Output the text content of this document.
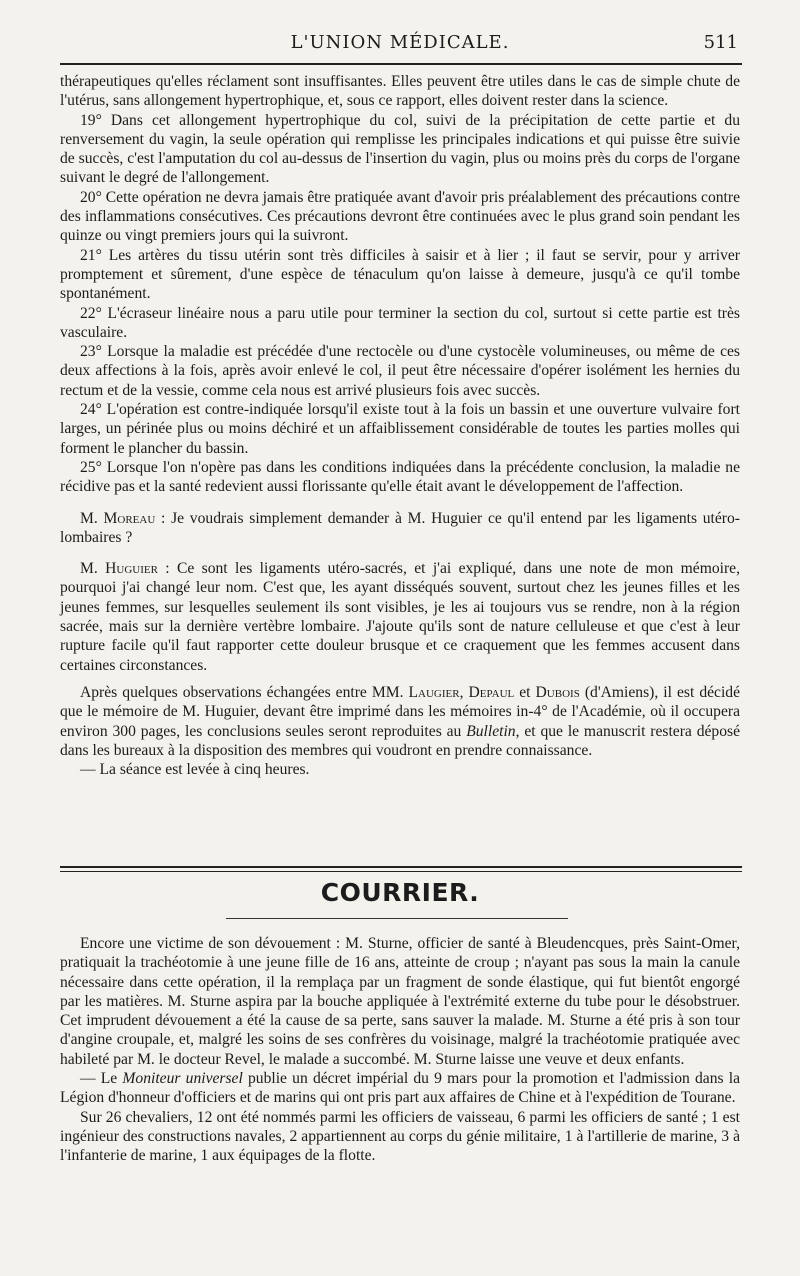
L'UNION MÉDICALE.	511

thérapeutiques qu'elles réclament sont insuffisantes. Elles peuvent être utiles dans le cas de simple chute de l'utérus, sans allongement hypertrophique, et, sous ce rapport, elles doivent rester dans la science.

19° Dans cet allongement hypertrophique du col, suivi de la précipitation de cette partie et du renversement du vagin, la seule opération qui remplisse les principales indications et qui puisse être suivie de succès, c'est l'amputation du col au-dessus de l'insertion du vagin, plus ou moins près du corps de l'organe suivant le degré de l'allongement.

20° Cette opération ne devra jamais être pratiquée avant d'avoir pris préalablement des précautions contre des inflammations consécutives. Ces précautions devront être continuées avec le plus grand soin pendant les quinze ou vingt premiers jours qui la suivront.

21° Les artères du tissu utérin sont très difficiles à saisir et à lier ; il faut se servir, pour y arriver promptement et sûrement, d'une espèce de ténaculum qu'on laisse à demeure, jusqu'à ce qu'il tombe spontanément.

22° L'écraseur linéaire nous a paru utile pour terminer la section du col, surtout si cette partie est très vasculaire.

23° Lorsque la maladie est précédée d'une rectocèle ou d'une cystocèle volumineuses, ou même de ces deux affections à la fois, après avoir enlevé le col, il peut être nécessaire d'opérer isolément les hernies du rectum et de la vessie, comme cela nous est arrivé plusieurs fois avec succès.

24° L'opération est contre-indiquée lorsqu'il existe tout à la fois un bassin et une ouverture vulvaire fort larges, un périnée plus ou moins déchiré et un affaiblissement considérable de toutes les parties molles qui forment le plancher du bassin.

25° Lorsque l'on n'opère pas dans les conditions indiquées dans la précédente conclusion, la maladie ne récidive pas et la santé redevient aussi florissante qu'elle était avant le développement de l'affection.

M. Moreau : Je voudrais simplement demander à M. Huguier ce qu'il entend par les ligaments utéro-lombaires ?

M. Huguier : Ce sont les ligaments utéro-sacrés, et j'ai expliqué, dans une note de mon mémoire, pourquoi j'ai changé leur nom. C'est que, les ayant disséqués souvent, surtout chez les jeunes filles et les jeunes femmes, sur lesquelles seulement ils sont visibles, je les ai toujours vus se rendre, non à la région sacrée, mais sur la dernière vertèbre lombaire. J'ajoute qu'ils sont de nature celluleuse et que c'est à leur rupture facile qu'il faut rapporter cette douleur brusque et ce craquement que les femmes accusent dans certaines circonstances.

Après quelques observations échangées entre MM. Laugier, Depaul et Dubois (d'Amiens), il est décidé que le mémoire de M. Huguier, devant être imprimé dans les mémoires in-4° de l'Académie, où il occupera environ 300 pages, les conclusions seules seront reproduites au Bulletin, et que le manuscrit restera déposé dans les bureaux à la disposition des membres qui voudront en prendre connaissance.

— La séance est levée à cinq heures.

COURRIER.

Encore une victime de son dévouement : M. Sturne, officier de santé à Bleudencques, près Saint-Omer, pratiquait la trachéotomie à une jeune fille de 16 ans, atteinte de croup ; n'ayant pas sous la main la canule nécessaire dans cette opération, il la remplaça par un fragment de sonde élastique, qui fut bientôt engorgé par les matières. M. Sturne aspira par la bouche appliquée à l'extrémité externe du tube pour le désobstruer. Cet imprudent dévouement a été la cause de sa perte, sans sauver la malade. M. Sturne a été pris à son tour d'angine croupale, et, malgré les soins de ses confrères du voisinage, malgré la trachéotomie pratiquée avec habileté par M. le docteur Revel, le malade a succombé. M. Sturne laisse une veuve et deux enfants.

— Le Moniteur universel publie un décret impérial du 9 mars pour la promotion et l'admission dans la Légion d'honneur d'officiers et de marins qui ont pris part aux affaires de Chine et à l'expédition de Tourane.

Sur 26 chevaliers, 12 ont été nommés parmi les officiers de vaisseau, 6 parmi les officiers de santé ; 1 est ingénieur des constructions navales, 2 appartiennent au corps du génie militaire, 1 à l'artillerie de marine, 3 à l'infanterie de marine, 1 aux équipages de la flotte.
